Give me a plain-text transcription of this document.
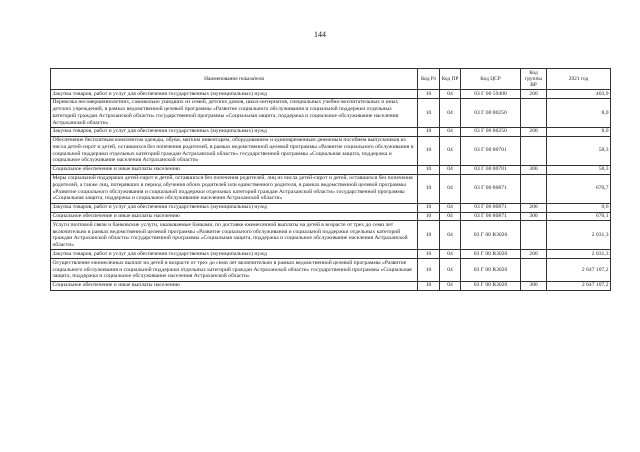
144
Наименование показателя	Код Рз	Код ПР	Код ЦСР	Код группы ВР	2021 год
Закупка товаров, работ и услуг для обеспечения государственных (муниципальных) нужд	10	04	03 Г 00 59400	200	403,9
Перевозка несовершеннолетних, самовольно ушедших из семей, детских домов, школ-интернатов, специальных учебно-воспитательных и иных детских учреждений, в рамках ведомственной целевой программы «Развитие социального обслуживания и социальной поддержки отдельных категорий граждан Астраханской области» государственной программы «Социальная защита, поддержка и социальное обслуживание населения Астраханской области»	10	04	03 Г 00 80250		8,0
Закупка товаров, работ и услуг для обеспечения государственных (муниципальных) нужд	10	04	03 Г 00 80250	200	8,0
Обеспечение бесплатным комплектом одежды, обуви, мягким инвентарем, оборудованием и единовременным денежным пособием выпускников из числа детей-сирот и детей, оставшихся без попечения родителей, в рамках ведомственной целевой программы «Развитие социального обслуживания и социальной поддержки отдельных категорий граждан Астраханской области» государственной программы «Социальная защита, поддержка и социальное обслуживание населения Астраханской области»	10	04	03 Г 00 80701		58,3
Социальное обеспечение и иные выплаты населению	10	04	03 Г 00 80701	300	58,3
Меры социальной поддержки детей-сирот и детей, оставшихся без попечения родителей, лиц из числа детей-сирот и детей, оставшихся без попечения родителей, а также лиц, потерявших в период обучения обоих родителей или единственного родителя, в рамках ведомственной целевой программы «Развитие социального обслуживания и социальной поддержки отдельных категорий граждан Астраханской области» государственной программы «Социальная защита, поддержка и социальное обслуживание населения Астраханской области»	10	04	03 Г 00 80871		670,7
Закупка товаров, работ и услуг для обеспечения государственных (муниципальных) нужд	10	04	03 Г 00 80871	200	0,6
Социальное обеспечение и иные выплаты населению	10	04	03 Г 00 80871	300	670,1
Услуги почтовой связи и банковские услуги, оказываемые банками, по доставке ежемесячной выплаты на детей в возрасте от трех до семи лет включительно в рамках ведомственной целевой программы «Развитие социального обслуживания и социальной поддержки отдельных категорий граждан Астраханской области» государственной программы «Социальная защита, поддержка и социальное обслуживание населения Астраханской области»	10	04	03 Г 00 R3020		2 031,3
Закупка товаров, работ и услуг для обеспечения государственных (муниципальных) нужд	10	04	03 Г 00 R3020	200	2 031,3
Осуществление ежемесячных выплат на детей в возрасте от трех до семи лет включительно в рамках ведомственной целевой программы «Развитие социального обслуживания и социальной поддержки отдельных категорий граждан Астраханской области» государственной программы «Социальная защита, поддержка и социальное обслуживание населения Астраханской области»	10	04	03 Г 00 R3020		2 647 107,2
Социальное обеспечение и иные выплаты населению	10	04	03 Г 00 R3020	300	2 647 107,2
